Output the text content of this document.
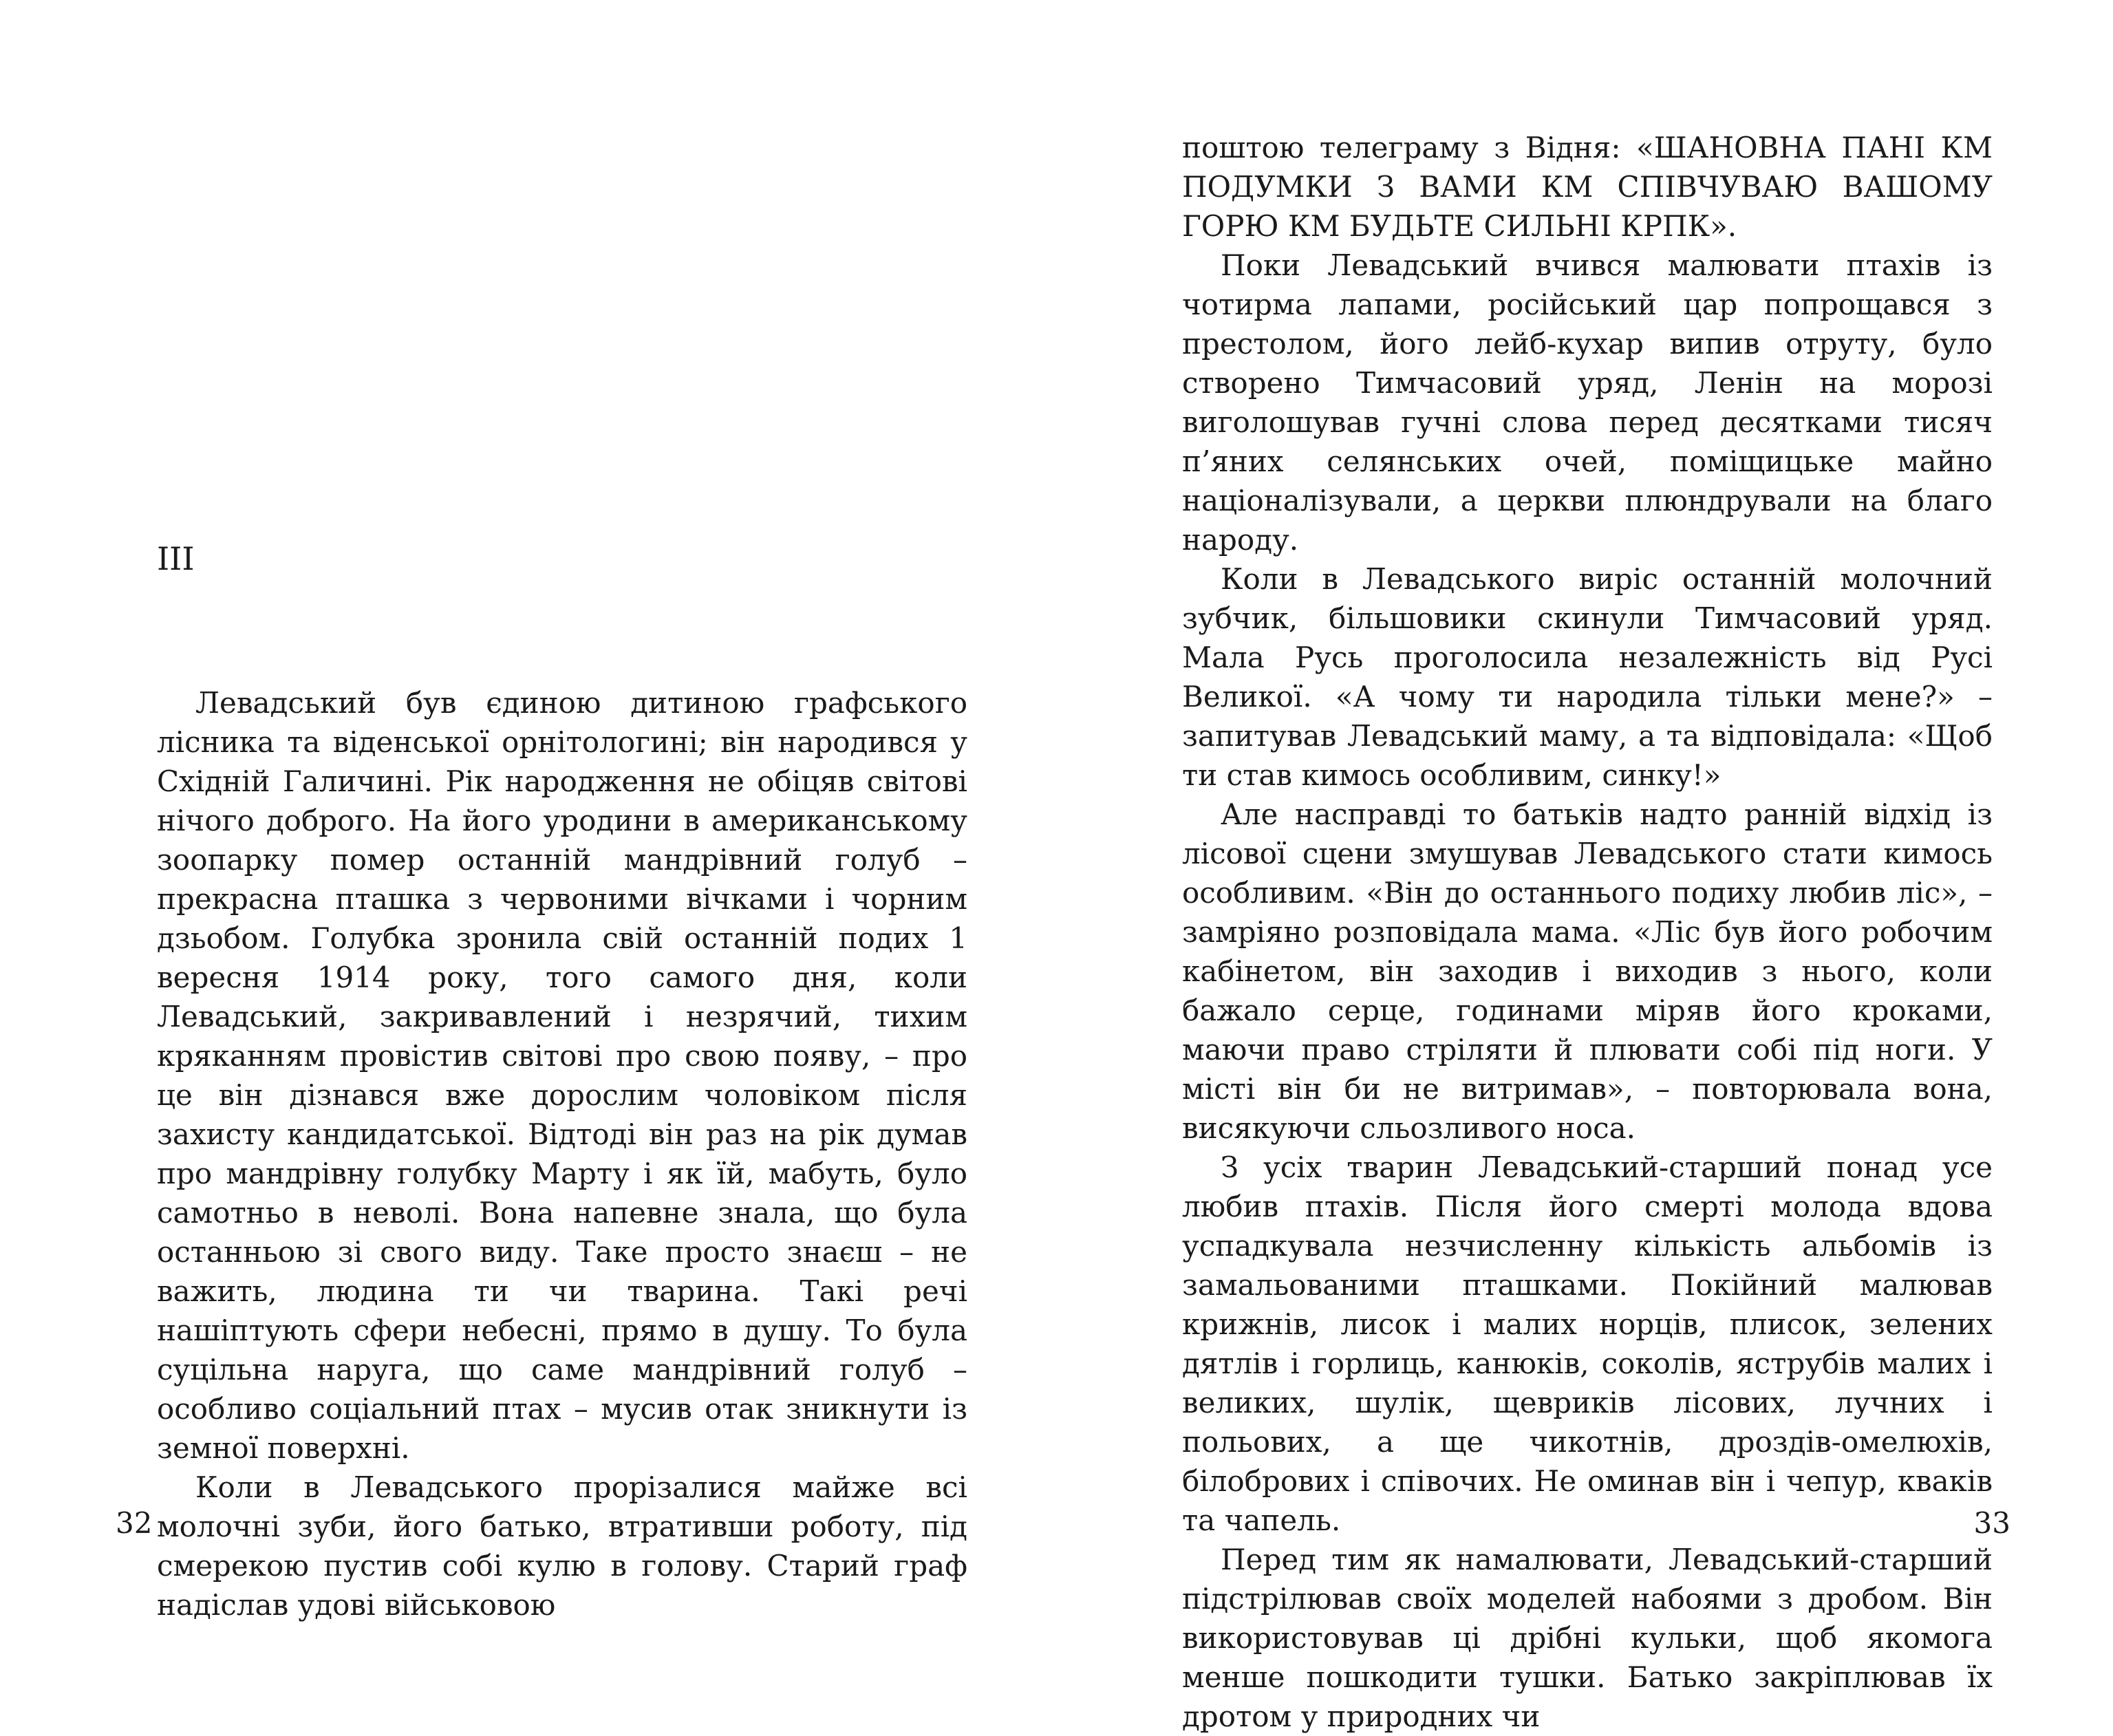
III

Левадський був єдиною дитиною графського лісника та віденської орнітологині; він народився у Східній Галичині. Рік народження не обіцяв світові нічого доброго. На його уродини в американському зоопарку помер останній мандрівний голуб – прекрасна пташка з червоними вічками і чорним дзьобом. Голубка зронила свій останній подих 1 вересня 1914 року, того самого дня, коли Левадський, закривавлений і незрячий, тихим кряканням провістив світові про свою появу, – про це він дізнався вже дорослим чоловіком після захисту кандидатської. Відтоді він раз на рік думав про мандрівну голубку Марту і як їй, мабуть, було самотньо в неволі. Вона напевне знала, що була останньою зі свого виду. Таке просто знаєш – не важить, людина ти чи тварина. Такі речі нашіптують сфери небесні, прямо в душу. То була суцільна наруга, що саме мандрівний голуб – особливо соціальний птах – мусив отак зникнути із земної поверхні.

Коли в Левадського прорізалися майже всі молочні зуби, його батько, втративши роботу, під смерекою пустив собі кулю в голову. Старий граф надіслав удові військовою

32

поштою телеграму з Відня: «ШАНОВНА ПАНІ КМ ПОДУМКИ З ВАМИ КМ СПІВЧУВАЮ ВАШОМУ ГОРЮ КМ БУДЬТЕ СИЛЬНІ КРПК».

Поки Левадський вчився малювати птахів із чотирма лапами, російський цар попрощався з престолом, його лейб-кухар випив отруту, було створено Тимчасовий уряд, Ленін на морозі виголошував гучні слова перед десятками тисяч п’яних селянських очей, поміщицьке майно націоналізували, а церкви плюндрували на благо народу.

Коли в Левадського виріс останній молочний зубчик, більшовики скинули Тимчасовий уряд. Мала Русь проголосила незалежність від Русі Великої. «А чому ти народила тільки мене?» – запитував Левадський маму, а та відповідала: «Щоб ти став кимось особливим, синку!»

Але насправді то батьків надто ранній відхід із лісової сцени змушував Левадського стати кимось особливим. «Він до останнього подиху любив ліс», – замріяно розповідала мама. «Ліс був його робочим кабінетом, він заходив і виходив з нього, коли бажало серце, годинами міряв його кроками, маючи право стріляти й плювати собі під ноги. У місті він би не витримав», – повторювала вона, висякуючи сльозливого носа.

З усіх тварин Левадський-старший понад усе любив птахів. Після його смерті молода вдова успадкувала незчисленну кількість альбомів із замальованими пташками. Покійний малював крижнів, лисок і малих норців, плисок, зелених дятлів і горлиць, канюків, соколів, яструбів малих і великих, шулік, щевриків лісових, лучних і польових, а ще чикотнів, дроздів-омелюхів, білобрових і співочих. Не оминав він і чепур, кваків та чапель.

Перед тим як намалювати, Левадський-старший підстрілював своїх моделей набоями з дробом. Він використовував ці дрібні кульки, щоб якомога менше пошкодити тушки. Батько закріплював їх дротом у природних чи

33
